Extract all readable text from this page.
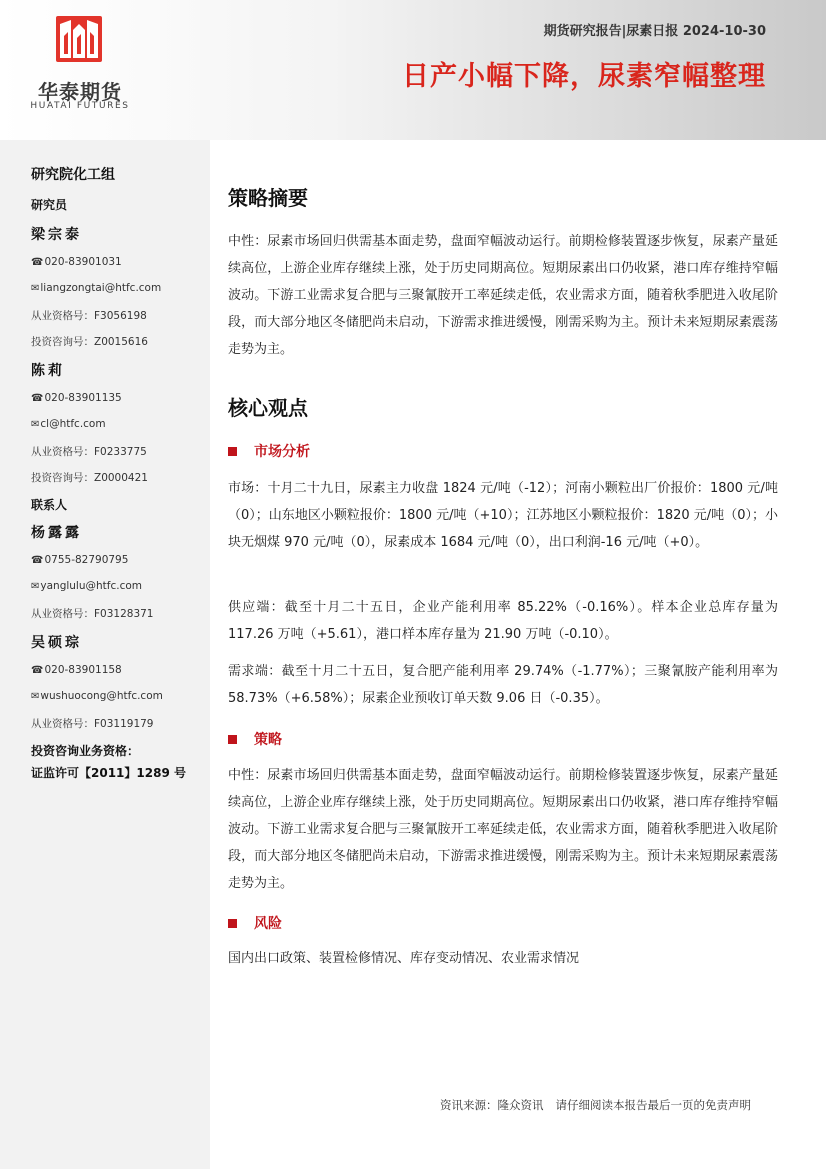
华泰期货
HUATAI FUTURES
期货研究报告|尿素日报 2024-10-30
日产小幅下降，尿素窄幅整理
研究院化工组
研究员
梁宗泰
☎020-83901031
✉liangzongtai@htfc.com
从业资格号：F3056198
投资咨询号：Z0015616
陈莉
☎020-83901135
✉cl@htfc.com
从业资格号：F0233775
投资咨询号：Z0000421
联系人
杨露露
☎0755-82790795
✉yanglulu@htfc.com
从业资格号：F03128371
吴硕琮
☎020-83901158
✉wushuocong@htfc.com
从业资格号：F03119179
投资咨询业务资格：
证监许可【2011】1289 号
策略摘要

中性：尿素市场回归供需基本面走势，盘面窄幅波动运行。前期检修装置逐步恢复，尿素产量延续高位，上游企业库存继续上涨，处于历史同期高位。短期尿素出口仍收紧，港口库存维持窄幅波动。下游工业需求复合肥与三聚氰胺开工率延续走低，农业需求方面，随着秋季肥进入收尾阶段，而大部分地区冬储肥尚未启动，下游需求推进缓慢，刚需采购为主。预计未来短期尿素震荡走势为主。

核心观点
市场分析

市场：十月二十九日，尿素主力收盘 1824 元/吨（-12）；河南小颗粒出厂价报价：1800 元/吨（0）；山东地区小颗粒报价：1800 元/吨（+10）；江苏地区小颗粒报价：1820 元/吨（0）；小块无烟煤 970 元/吨（0），尿素成本 1684 元/吨（0），出口利润-16 元/吨（+0）。

供应端：截至十月二十五日，企业产能利用率 85.22%（-0.16%）。样本企业总库存量为 117.26 万吨（+5.61），港口样本库存量为 21.90 万吨（-0.10）。

需求端：截至十月二十五日，复合肥产能利用率 29.74%（-1.77%）；三聚氰胺产能利用率为 58.73%（+6.58%）；尿素企业预收订单天数 9.06 日（-0.35）。

策略

中性：尿素市场回归供需基本面走势，盘面窄幅波动运行。前期检修装置逐步恢复，尿素产量延续高位，上游企业库存继续上涨，处于历史同期高位。短期尿素出口仍收紧，港口库存维持窄幅波动。下游工业需求复合肥与三聚氰胺开工率延续走低，农业需求方面，随着秋季肥进入收尾阶段，而大部分地区冬储肥尚未启动，下游需求推进缓慢，刚需采购为主。预计未来短期尿素震荡走势为主。

风险

国内出口政策、装置检修情况、库存变动情况、农业需求情况

资讯来源：隆众资讯 请仔细阅读本报告最后一页的免责声明
